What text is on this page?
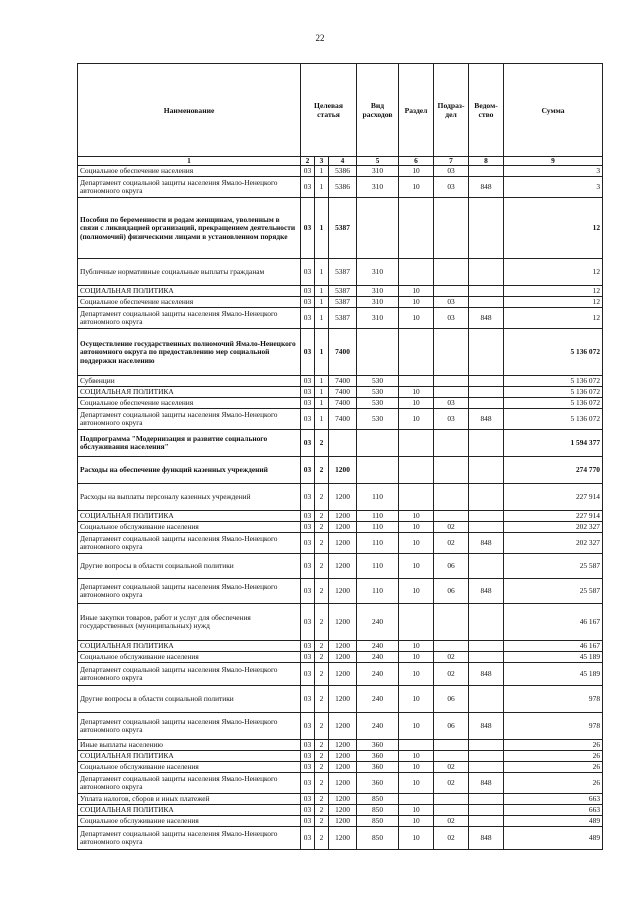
22
Наименование	Целевая статья			Вид расходов	Раздел	Подраз-дел	Ведом-ство	Сумма
1	2	3	4	5	6	7	8	9
Социальное обеспечение населения	03	1	5386	310	10	03		3
Департамент социальной защиты населения Ямало-Ненецкого автономного округа	03	1	5386	310	10	03	848	3
Пособия по беременности и родам женщинам, уволенным в связи с ликвидацией организаций, прекращением деятельности (полномочий) физическими лицами в установленном порядке	03	1	5387					12
Публичные нормативные социальные выплаты гражданам	03	1	5387	310				12
СОЦИАЛЬНАЯ ПОЛИТИКА	03	1	5387	310	10			12
Социальное обеспечение населения	03	1	5387	310	10	03		12
Департамент социальной защиты населения Ямало-Ненецкого автономного округа	03	1	5387	310	10	03	848	12
Осуществление государственных полномочий Ямало-Ненецкого автономного округа по предоставлению мер социальной поддержки населению	03	1	7400					5 136 072
Субвенции	03	1	7400	530				5 136 072
СОЦИАЛЬНАЯ ПОЛИТИКА	03	1	7400	530	10			5 136 072
Социальное обеспечение населения	03	1	7400	530	10	03		5 136 072
Департамент социальной защиты населения Ямало-Ненецкого автономного округа	03	1	7400	530	10	03	848	5 136 072
Подпрограмма "Модернизация и развитие социального обслуживания населения"	03	2						1 594 377
Расходы на обеспечение функций казенных учреждений	03	2	1200					274 770
Расходы на выплаты персоналу казенных учреждений	03	2	1200	110				227 914
СОЦИАЛЬНАЯ ПОЛИТИКА	03	2	1200	110	10			227 914
Социальное обслуживание населения	03	2	1200	110	10	02		202 327
Департамент социальной защиты населения Ямало-Ненецкого автономного округа	03	2	1200	110	10	02	848	202 327
Другие вопросы в области социальной политики	03	2	1200	110	10	06		25 587
Департамент социальной защиты населения Ямало-Ненецкого автономного округа	03	2	1200	110	10	06	848	25 587
Иные закупки товаров, работ и услуг для обеспечения государственных (муниципальных) нужд	03	2	1200	240				46 167
СОЦИАЛЬНАЯ ПОЛИТИКА	03	2	1200	240	10			46 167
Социальное обслуживание населения	03	2	1200	240	10	02		45 189
Департамент социальной защиты населения Ямало-Ненецкого автономного округа	03	2	1200	240	10	02	848	45 189
Другие вопросы в области социальной политики	03	2	1200	240	10	06		978
Департамент социальной защиты населения Ямало-Ненецкого автономного округа	03	2	1200	240	10	06	848	978
Иные выплаты населению	03	2	1200	360				26
СОЦИАЛЬНАЯ ПОЛИТИКА	03	2	1200	360	10			26
Социальное обслуживание населения	03	2	1200	360	10	02		26
Департамент социальной защиты населения Ямало-Ненецкого автономного округа	03	2	1200	360	10	02	848	26
Уплата налогов, сборов и иных платежей	03	2	1200	850				663
СОЦИАЛЬНАЯ ПОЛИТИКА	03	2	1200	850	10			663
Социальное обслуживание населения	03	2	1200	850	10	02		489
Департамент социальной защиты населения Ямало-Ненецкого автономного округа	03	2	1200	850	10	02	848	489
